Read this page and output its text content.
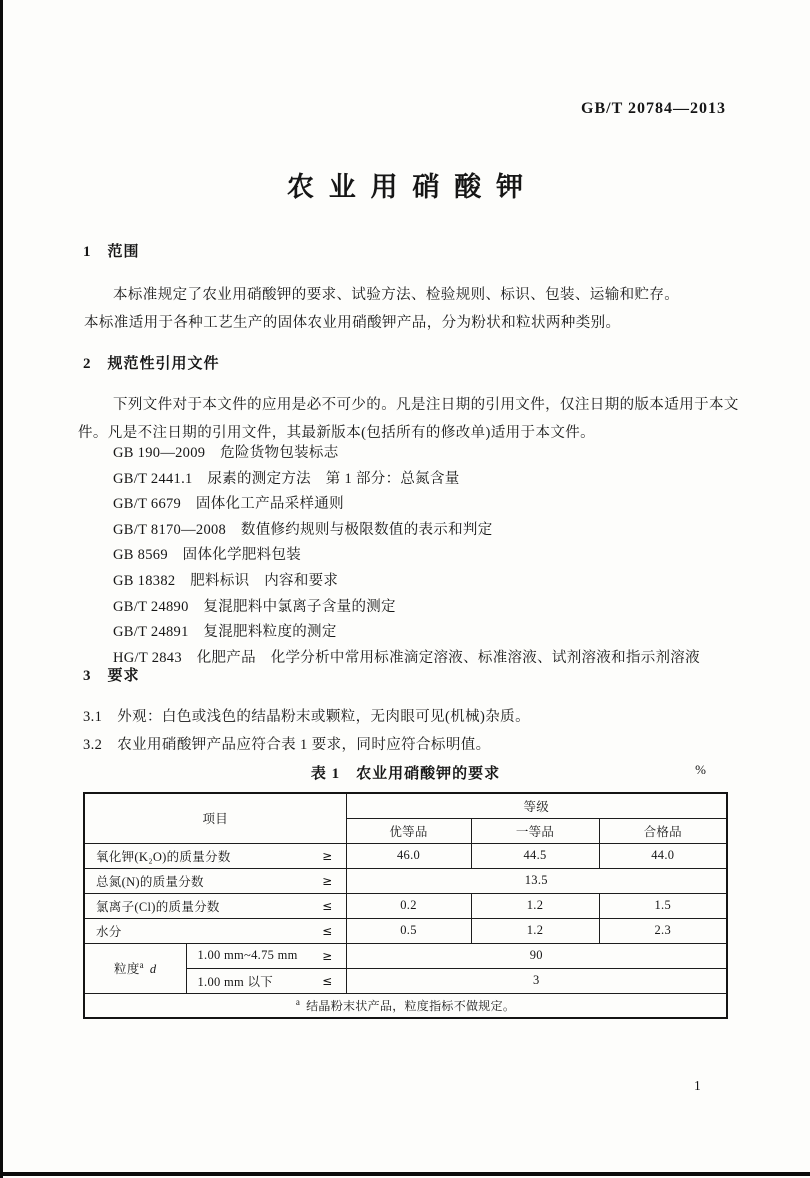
GB/T 20784—2013
农业用硝酸钾
1　范围
本标准规定了农业用硝酸钾的要求、试验方法、检验规则、标识、包装、运输和贮存。
本标准适用于各种工艺生产的固体农业用硝酸钾产品，分为粉状和粒状两种类别。
2　规范性引用文件
下列文件对于本文件的应用是必不可少的。凡是注日期的引用文件，仅注日期的版本适用于本文
件。凡是不注日期的引用文件，其最新版本(包括所有的修改单)适用于本文件。
GB 190—2009　危险货物包装标志
GB/T 2441.1　尿素的测定方法　第 1 部分：总氮含量
GB/T 6679　固体化工产品采样通则
GB/T 8170—2008　数值修约规则与极限数值的表示和判定
GB 8569　固体化学肥料包装
GB 18382　肥料标识　内容和要求
GB/T 24890　复混肥料中氯离子含量的测定
GB/T 24891　复混肥料粒度的测定
HG/T 2843　化肥产品　化学分析中常用标准滴定溶液、标准溶液、试剂溶液和指示剂溶液
3　要求
3.1　外观：白色或浅色的结晶粉末或颗粒，无肉眼可见(机械)杂质。
3.2　农业用硝酸钾产品应符合表 1 要求，同时应符合标明值。
表 1　农业用硝酸钾的要求	%
项目		等级		
		优等品	一等品	合格品

氧化钾(K₂O)的质量分数 ≥		46.0	44.5	44.0

总氮(N)的质量分数 ≥		13.5		

氯离子(Cl)的质量分数 ≤		0.2	1.2	1.5

水分 ≤		0.5	1.2	2.3
粒度$^a$ d	1.00 mm~4.75 mm ≥	90		

	1.00 mm 以下 ≤	3		
$^a$ 结晶粉末状产品，粒度指标不做规定。				
1
